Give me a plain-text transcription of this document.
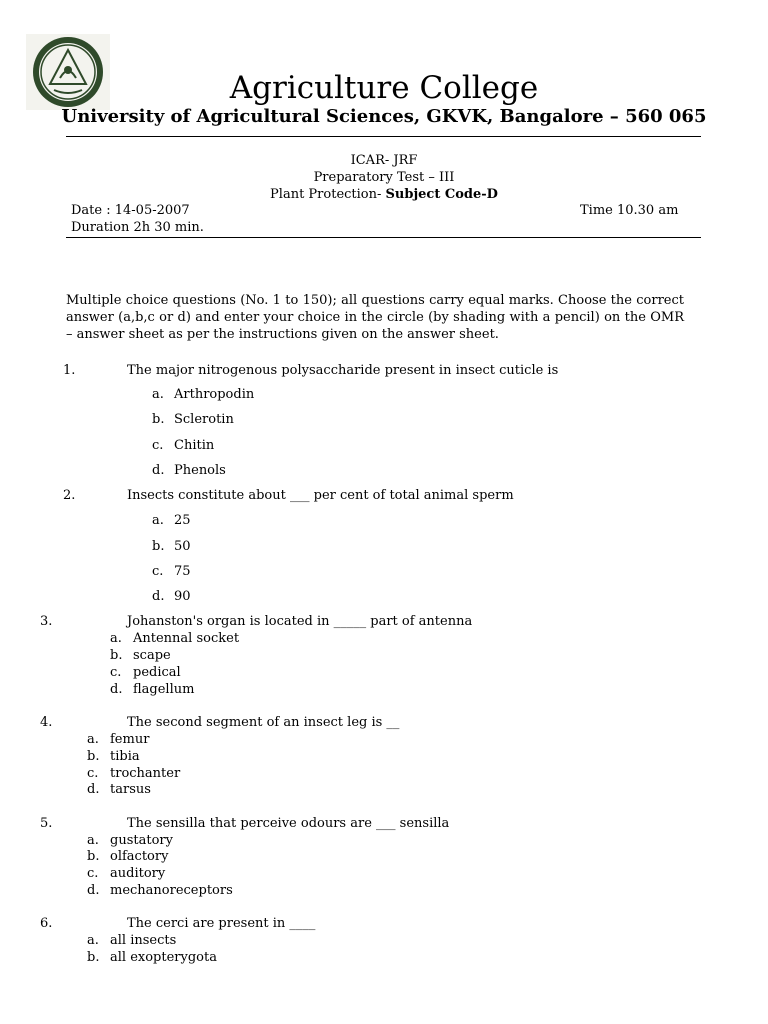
Agriculture College
University of Agricultural Sciences, GKVK, Bangalore – 560 065
ICAR- JRF
Preparatory Test – III
Plant Protection- Subject Code-D
Date : 14-05-2007	Time 10.30 am
Duration 2h 30 min.
Multiple choice questions (No. 1 to 150); all questions carry equal marks. Choose the correct answer (a,b,c or d) and enter your choice in the circle (by shading with a pencil) on the OMR – answer sheet as per the instructions given on the answer sheet.
1.	The major nitrogenous polysaccharide present in insect cuticle is
a. Arthropodin
b. Sclerotin
c. Chitin
d. Phenols
2.	Insects constitute about ___ per cent of total animal sperm
a. 25
b. 50
c. 75
d. 90
3.	Johanston's organ is located in _____ part of antenna
a. Antennal socket
b. scape
c. pedical
d. flagellum
4.	The second segment of an insect leg is __
a. femur
b. tibia
c. trochanter
d. tarsus
5.	The sensilla that perceive odours are ___ sensilla
a. gustatory
b. olfactory
c. auditory
d. mechanoreceptors
6.	The cerci are present in ____
a. all insects
b. all exopterygota
